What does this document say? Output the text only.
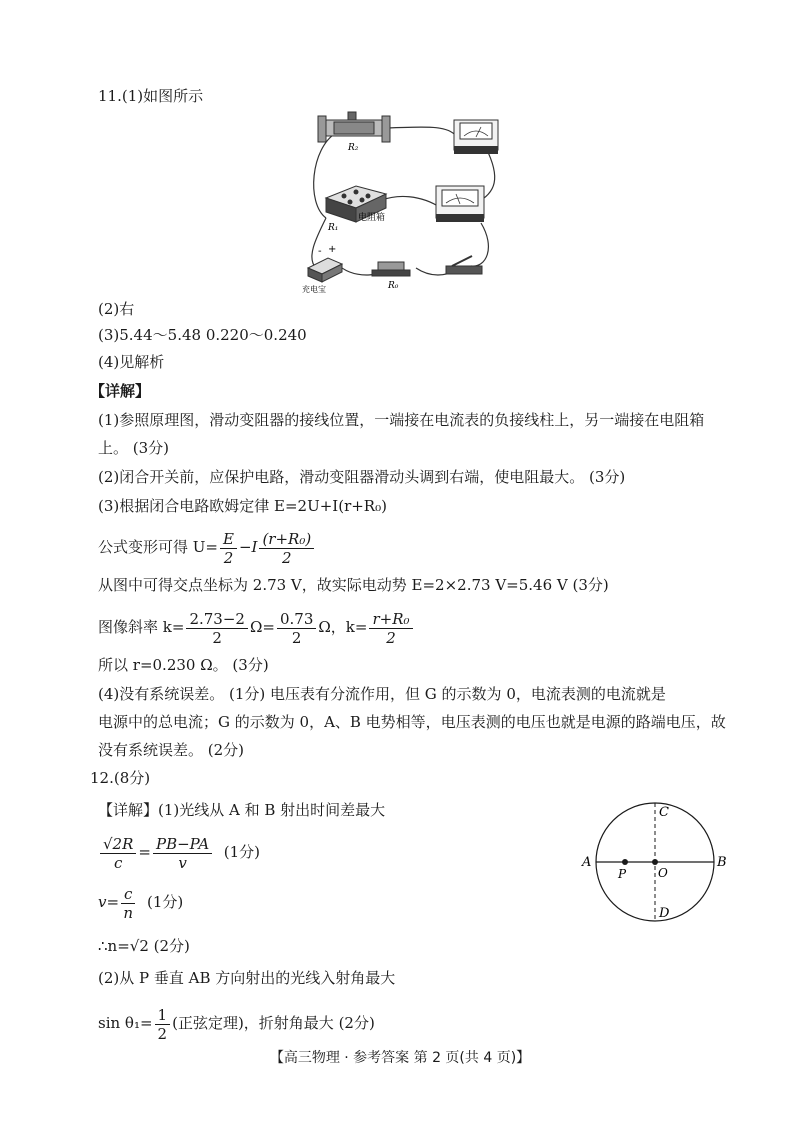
11.(1)如图所示
R₂
电阻箱
R₁
- +
充电宝	R₀
(2)右
(3)5.44～5.48 0.220～0.240
(4)见解析
【详解】
(1)参照原理图，滑动变阻器的接线位置，一端接在电流表的负接线柱上，另一端接在电阻箱
上。 (3分)
(2)闭合开关前，应保护电路，滑动变阻器滑动头调到右端，使电阻最大。 (3分)
(3)根据闭合电路欧姆定律 E=2U+I(r+R₀)
公式变形可得 $U= \frac{E}{2} -I \frac{\text{(r+R₀)}}{2}$
从图中可得交点坐标为 2.73 V，故实际电动势 E=2×2.73 V=5.46 V (3分)
图像斜率 $k= \frac{2.73-2}{2} \Omega= \frac{0.73}{2}$ Ω，$k= \frac{\text{r+R₀}}{2}$
所以 r=0.230 Ω。 (3分)
(4)没有系统误差。 (1分) 电压表有分流作用，但 G 的示数为 0，电流表测的电流就是
电源中的总电流；G 的示数为 0，A、B 电势相等，电压表测的电压也就是电源的路端电压，故
没有系统误差。 (2分)
12.(8分)
【详解】(1)光线从 A 和 B 射出时间差最大
$\frac{√2R}{c} = \frac{PB-PA}{v} (1$分)
$v= \frac{c}{n} (1$分)
∴n=√2 (2分)
(2)从 P 垂直 AB 方向射出的光线入射角最大
$\sin \theta_1= \frac{1}{2}$ (正弦定理)，折射角最大 (2分)
A	B
C
D
O
P
【高三物理 · 参考答案 第 2 页(共 4 页)】
